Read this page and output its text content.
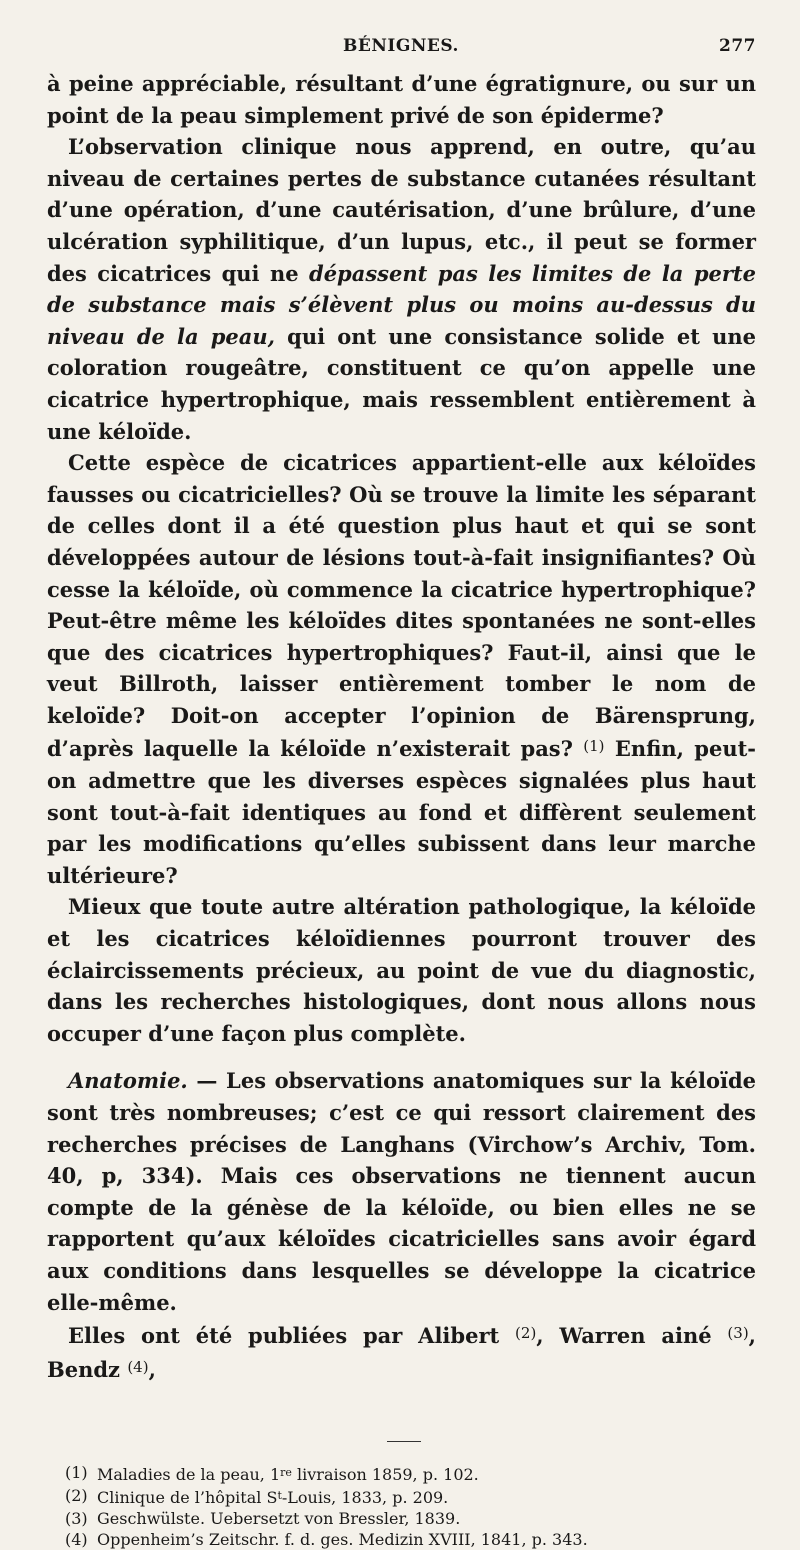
BÉNIGNES.	277

à peine appréciable, résultant d’une égratignure, ou sur un point de la peau simplement privé de son épiderme?

L’observation clinique nous apprend, en outre, qu’au niveau de certaines pertes de substance cutanées résultant d’une opération, d’une cautérisation, d’une brûlure, d’une ulcération syphilitique, d’un lupus, etc., il peut se former des cicatrices qui ne dépassent pas les limites de la perte de substance mais s’élèvent plus ou moins au-dessus du niveau de la peau, qui ont une consistance solide et une coloration rougeâtre, constituent ce qu’on appelle une cicatrice hypertrophique, mais ressemblent entièrement à une kéloïde.

Cette espèce de cicatrices appartient-elle aux kéloïdes fausses ou cicatricielles? Où se trouve la limite les séparant de celles dont il a été question plus haut et qui se sont développées autour de lésions tout-à-fait insignifiantes? Où cesse la kéloïde, où commence la cicatrice hypertrophique? Peut-être même les kéloïdes dites spontanées ne sont-elles que des cicatrices hypertrophiques? Faut-il, ainsi que le veut Billroth, laisser entièrement tomber le nom de keloïde? Doit-on accepter l’opinion de Bärensprung, d’après laquelle la kéloïde n’existerait pas? $^{(1)}$ Enfin, peut-on admettre que les diverses espèces signalées plus haut sont tout-à-fait identiques au fond et diffèrent seulement par les modifications qu’elles subissent dans leur marche ultérieure?

Mieux que toute autre altération pathologique, la kéloïde et les cicatrices kéloïdiennes pourront trouver des éclaircissements précieux, au point de vue du diagnostic, dans les recherches histologiques, dont nous allons nous occuper d’une façon plus complète.

Anatomie. — Les observations anatomiques sur la kéloïde sont très nombreuses; c’est ce qui ressort clairement des recherches précises de Langhans (Virchow’s Archiv, Tom. 40, p, 334). Mais ces observations ne tiennent aucun compte de la génèse de la kéloïde, ou bien elles ne se rapportent qu’aux kéloïdes cicatricielles sans avoir égard aux conditions dans lesquelles se développe la cicatrice elle-même.

Elles ont été publiées par Alibert $^{(2)}$, Warren ainé $^{(3)}$, Bendz $^{(4)}$,

(1) Maladies de la peau, 1re livraison 1859, p. 102.
(2) Clinique de l’hôpital $S^t$-Louis, 1833, p. 209.
(3) Geschwülste. Uebersetzt von Bressler, 1839.
(4) Oppenheim’s Zeitschr. f. d. ges. Medizin XVIII, 1841, p. 343.
